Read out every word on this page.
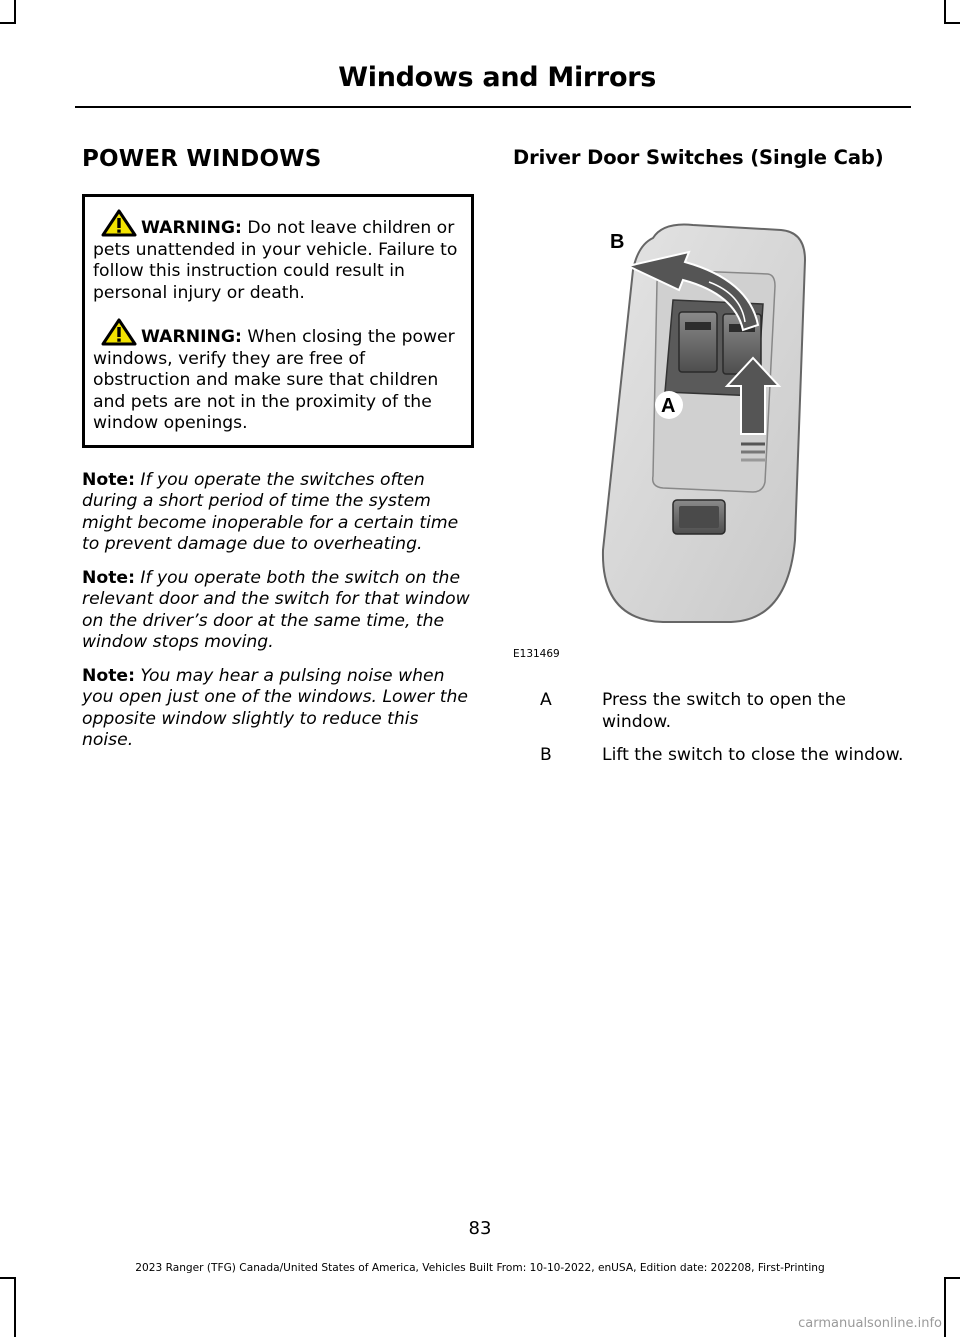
Windows and Mirrors
POWER WINDOWS

WARNING: Do not leave children or pets unattended in your vehicle. Failure to follow this instruction could result in personal injury or death.

WARNING: When closing the power windows, verify they are free of obstruction and make sure that children and pets are not in the proximity of the window openings.

Note: If you operate the switches often during a short period of time the system might become inoperable for a certain time to prevent damage due to overheating.

Note: If you operate both the switch on the relevant door and the switch for that window on the driver’s door at the same time, the window stops moving.

Note: You may hear a pulsing noise when you open just one of the windows. Lower the opposite window slightly to reduce this noise.

Driver Door Switches (Single Cab)
B
A
E131469
A	Press the switch to open the window.
B	Lift the switch to close the window.
83
2023 Ranger (TFG) Canada/United States of America, Vehicles Built From: 10-10-2022, enUSA, Edition date: 202208, First-Printing
carmanualsonline.info
